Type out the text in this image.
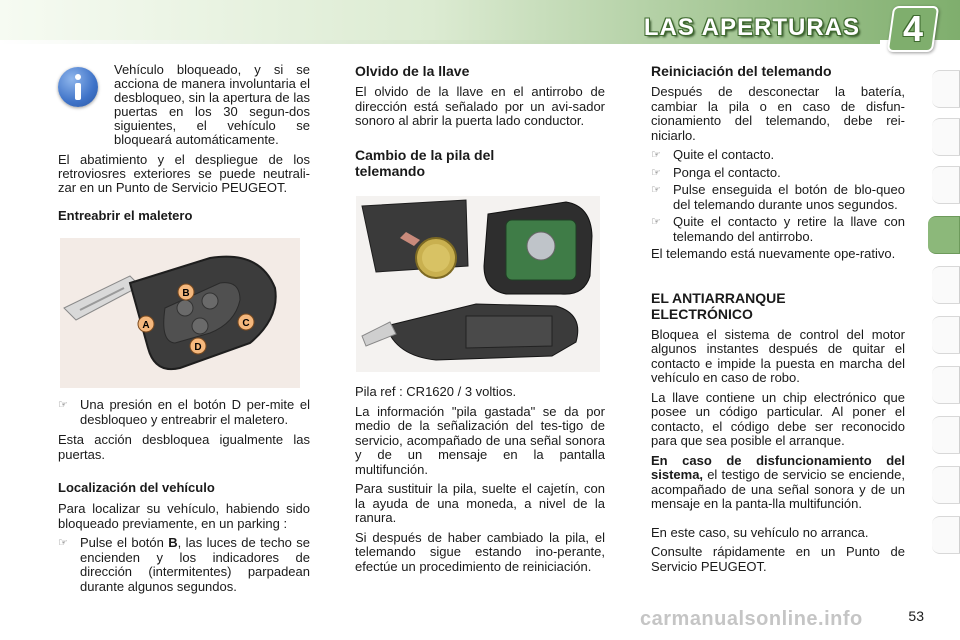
LAS APERTURAS 4

Vehículo bloqueado, y si se acciona de manera involuntaria el desbloqueo, sin la apertura de las puertas en los 30 segun-dos siguientes, el vehículo se bloqueará automáticamente.

El abatimiento y el despliegue de los retroviosres exteriores se puede neutrali-zar en un Punto de Servicio PEUGEOT.

Entreabrir el maletero
A
B
C
D
☞ Una presión en el botón D per-mite el desbloqueo y entreabrir el maletero.

Esta acción desbloquea igualmente las puertas.

Localización del vehículo

Para localizar su vehículo, habiendo sido bloqueado previamente, en un parking :

☞ Pulse el botón B, las luces de techo se encienden y los indicadores de dirección (intermitentes) parpadean durante algunos segundos.
Olvido de la llave

El olvido de la llave en el antirrobo de dirección está señalado por un avi-sador sonoro al abrir la puerta lado conductor.

Cambio de la pila del telemando

Pila ref : CR1620 / 3 voltios.

La información "pila gastada" se da por medio de la señalización del tes-tigo de servicio, acompañado de una señal sonora y de un mensaje en la pantalla multifunción.

Para sustituir la pila, suelte el cajetín, con la ayuda de una moneda, a nivel de la ranura.

Si después de haber cambiado la pila, el telemando sigue estando ino-perante, efectúe un procedimiento de reiniciación.

Reiniciación del telemando

Después de desconectar la batería, cambiar la pila o en caso de disfun-cionamiento del telemando, debe rei-niciarlo.

☞ Quite el contacto.
☞ Ponga el contacto.
☞ Pulse enseguida el botón de blo-queo del telemando durante unos segundos.
☞ Quite el contacto y retire la llave con telemando del antirrobo.

El telemando está nuevamente ope-rativo.

EL ANTIARRANQUE ELECTRÓNICO

Bloquea el sistema de control del motor algunos instantes después de quitar el contacto e impide la puesta en marcha del vehículo en caso de robo.

La llave contiene un chip electrónico que posee un código particular. Al poner el contacto, el código debe ser reconocido para que sea posible el arranque.

En caso de disfuncionamiento del sistema, el testigo de servicio se enciende, acompañado de una señal sonora y de un mensaje en la panta-lla multifunción.

En este caso, su vehículo no arranca.

Consulte rápidamente en un Punto de Servicio PEUGEOT.

53
carmanualsonline.info
